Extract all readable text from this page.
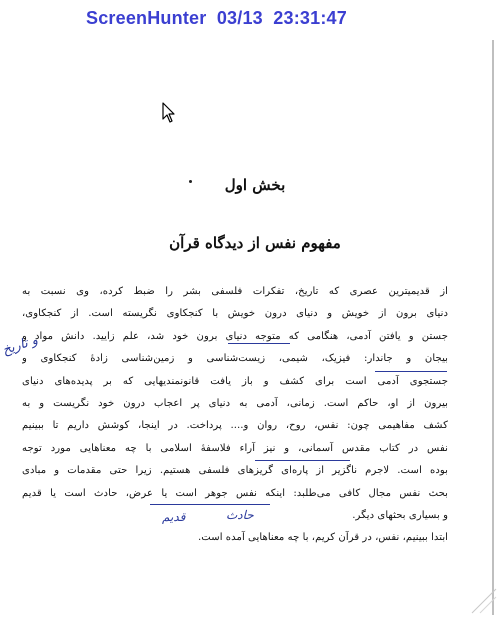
ScreenHunter 03/13 23:31:47
بخش اول
مفهوم نفس از دیدگاه قرآن
از قدیمیترین عصری که تاریخ، تفکرات فلسفی بشر را ضبط کرده، وی نسبت به
دنیای برون از خویش و دنیای درون خویش با کنجکاوی نگریسته است. از کنجکاوی،
جستن و یافتن آدمی، هنگامی که متوجه دنیای برون خود شد، علم زایید. دانش مواد و
بیجان و جاندار: فیزیک، شیمی، زیست‌شناسی و زمین‌شناسی زادهٔ کنجکاوی و
جستجوی آدمی است برای کشف و باز یافت قانونمندیهایی که بر پدیده‌های دنیای
بیرون از او، حاکم است. زمانی، آدمی به دنیای پر اعجاب درون خود نگریست و به
کشف مفاهیمی چون: نفس، روح، روان و.... پرداخت. در اینجا، کوشش داریم تا ببینیم
نفس در کتاب مقدس آسمانی، و نیز آراء فلاسفهٔ اسلامی با چه معناهایی مورد توجه
بوده است. لاجرم ناگزیر از پاره‌ای گریزهای فلسفی هستیم. زیرا حتی مقدمات و مبادی
بحث نفس مجال کافی می‌طلبد: اینکه نفس جوهر است یا عرض، حادث است یا قدیم
و بسیاری بحثهای دیگر.
ابتدا ببینیم، نفس، در قرآن کریم، با چه معناهایی آمده است.
و تاریخ
حادث
قدیم
